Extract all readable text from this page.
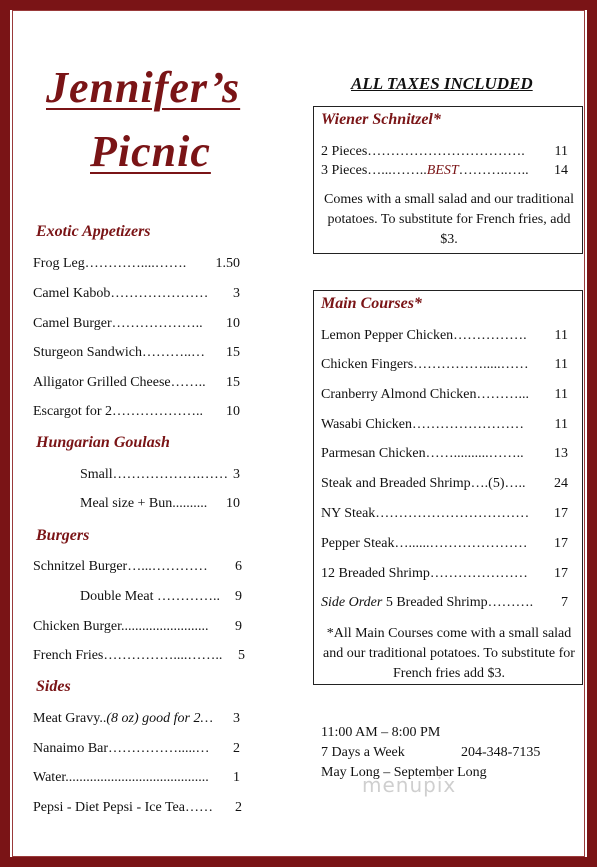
Jennifer’s
Picnic
Exotic Appetizers
Frog Leg…………....…….	1.50
Camel Kabob…………………	3
Camel Burger………………..	10
Sturgeon Sandwich………..…	15
Alligator Grilled Cheese……..	15
Escargot for 2………………..	10
Hungarian Goulash
Small……………….…… 3
Meal size + Bun..........	10
Burgers
Schnitzel Burger…...…………	6
Double Meat …………..	9
Chicken Burger.........................	9
French Fries……………....……..	5
Sides
Meat Gravy..(8 oz) good for 2…	3
Nanaimo Bar…………….....…	2
Water.........................................	1
Pepsi - Diet Pepsi - Ice Tea……	2
ALL TAXES INCLUDED
Wiener Schnitzel*
2 Pieces…………………………….	11
3 Pieces…...……..BEST………..…..	14
Comes with a small salad and our traditional potatoes. To substitute for French fries, add $3.
Main Courses*
Lemon Pepper Chicken…………….	11
Chicken Fingers…………….....……	11
Cranberry Almond Chicken………...	11
Wasabi Chicken……………………	11
Parmesan Chicken……..........……..	13
Steak and Breaded Shrimp….(5)…..	24
NY Steak……………………………	17
Pepper Steak…......…………………	17
12 Breaded Shrimp…………………	17
Side Order 5 Breaded Shrimp……….	7
*All Main Courses come with a small salad and our traditional potatoes. To substitute for French fries add $3.
11:00 AM – 8:00 PM
7 Days a Week	204-348-7135
May Long – September Long
menupix
